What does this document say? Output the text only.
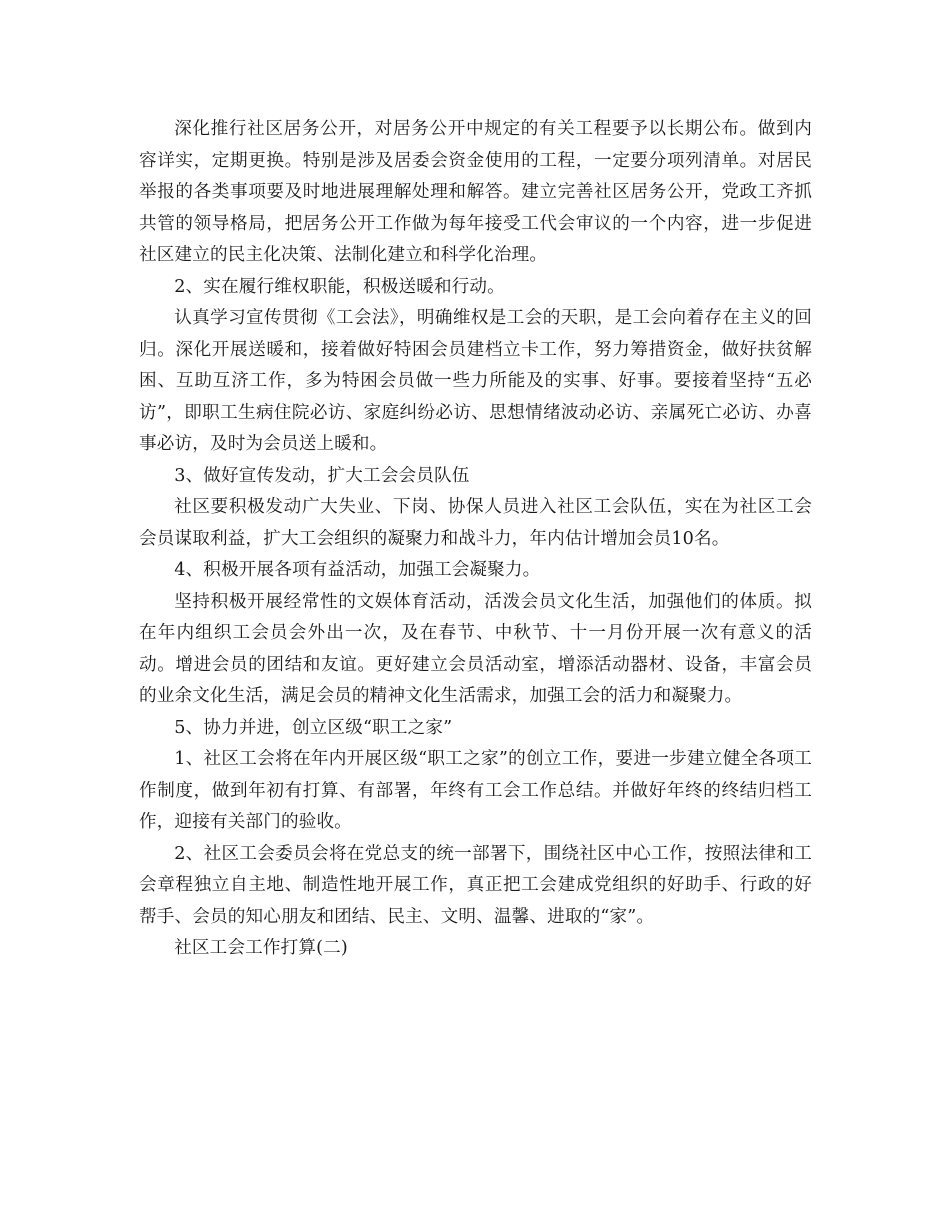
深化推行社区居务公开，对居务公开中规定的有关工程要予以长期公布。做到内容详实，定期更换。特别是涉及居委会资金使用的工程，一定要分项列清单。对居民举报的各类事项要及时地进展理解处理和解答。建立完善社区居务公开，党政工齐抓共管的领导格局，把居务公开工作做为每年接受工代会审议的一个内容，进一步促进社区建立的民主化决策、法制化建立和科学化治理。

2、实在履行维权职能，积极送暖和行动。

认真学习宣传贯彻《工会法》，明确维权是工会的天职，是工会向着存在主义的回归。深化开展送暖和，接着做好特困会员建档立卡工作，努力筹措资金，做好扶贫解困、互助互济工作，多为特困会员做一些力所能及的实事、好事。要接着坚持“五必访”，即职工生病住院必访、家庭纠纷必访、思想情绪波动必访、亲属死亡必访、办喜事必访，及时为会员送上暖和。

3、做好宣传发动，扩大工会会员队伍

社区要积极发动广大失业、下岗、协保人员进入社区工会队伍，实在为社区工会会员谋取利益，扩大工会组织的凝聚力和战斗力，年内估计增加会员10名。

4、积极开展各项有益活动，加强工会凝聚力。

坚持积极开展经常性的文娱体育活动，活泼会员文化生活，加强他们的体质。拟在年内组织工会员会外出一次，及在春节、中秋节、十一月份开展一次有意义的活动。增进会员的团结和友谊。更好建立会员活动室，增添活动器材、设备，丰富会员的业余文化生活，满足会员的精神文化生活需求，加强工会的活力和凝聚力。

5、协力并进，创立区级“职工之家”

1、社区工会将在年内开展区级“职工之家”的创立工作，要进一步建立健全各项工作制度，做到年初有打算、有部署，年终有工会工作总结。并做好年终的终结归档工作，迎接有关部门的验收。

2、社区工会委员会将在党总支的统一部署下，围绕社区中心工作，按照法律和工会章程独立自主地、制造性地开展工作，真正把工会建成党组织的好助手、行政的好帮手、会员的知心朋友和团结、民主、文明、温馨、进取的“家”。

社区工会工作打算(二)
